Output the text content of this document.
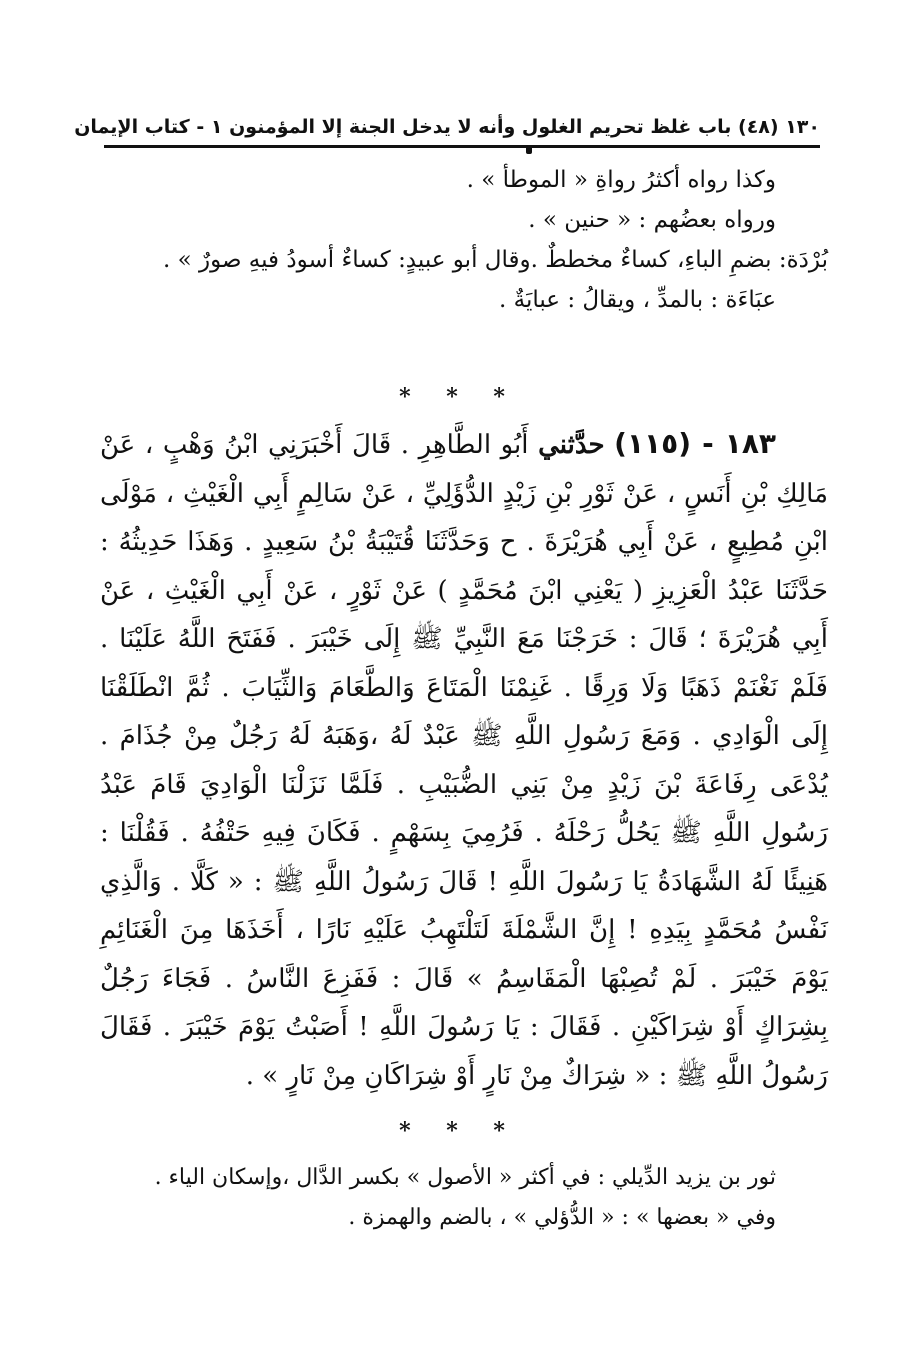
١٣٠ (٤٨) باب غلظ تحريم الغلول وأنه لا يدخل الجنة إلا المؤمنون ١ - كتاب الإيمان

وكذا رواه أكثرُ رواةِ « الموطأ » .

ورواه بعضُهم : « حنين » .

بُرْدَة: بضمِ الباءِ، كساءٌ مخططٌ .وقال أبو عبيدٍ: كساءٌ أسودُ فيهِ صورٌ » .

عبَاءَة : بالمدِّ ، ويقالُ : عبايَةٌ .

* * *

١٨٣ - (١١٥) حدَّثني أَبُو الطَّاهِرِ . قَالَ أَخْبَرَنِي ابْنُ وَهْبٍ ، عَنْ مَالِكِ بْنِ أَنَسٍ ، عَنْ ثَوْرِ بْنِ زَيْدٍ الدُّؤَلِيِّ ، عَنْ سَالِمٍ أَبِي الْغَيْثِ ، مَوْلَى ابْنِ مُطِيعٍ ، عَنْ أَبِي هُرَيْرَةَ . ح وَحَدَّثَنَا قُتَيْبَةُ بْنُ سَعِيدٍ . وَهَذَا حَدِيثُهُ : حَدَّثَنَا عَبْدُ الْعَزِيزِ ( يَعْنِي ابْنَ مُحَمَّدٍ ) عَنْ ثَوْرٍ ، عَنْ أَبِي الْغَيْثِ ، عَنْ أَبِي هُرَيْرَةَ ؛ قَالَ : خَرَجْنَا مَعَ النَّبِيِّ ﷺ إِلَى خَيْبَرَ . فَفَتَحَ اللَّهُ عَلَيْنَا . فَلَمْ نَغْنَمْ ذَهَبًا وَلَا وَرِقًا . غَنِمْنَا الْمَتَاعَ وَالطَّعَامَ وَالثِّيَابَ . ثُمَّ انْطَلَقْنَا إِلَى الْوَادِي . وَمَعَ رَسُولِ اللَّهِ ﷺ عَبْدٌ لَهُ ،وَهَبَهُ لَهُ رَجُلٌ مِنْ جُذَامَ . يُدْعَى رِفَاعَةَ بْنَ زَيْدٍ مِنْ بَنِي الضُّبَيْبِ . فَلَمَّا نَزَلْنَا الْوَادِيَ قَامَ عَبْدُ رَسُولِ اللَّهِ ﷺ يَحُلُّ رَحْلَهُ . فَرُمِيَ بِسَهْمٍ . فَكَانَ فِيهِ حَتْفُهُ . فَقُلْنَا : هَنِيئًا لَهُ الشَّهَادَةُ يَا رَسُولَ اللَّهِ ! قَالَ رَسُولُ اللَّهِ ﷺ : « كَلَّا . وَالَّذِي نَفْسُ مُحَمَّدٍ بِيَدِهِ ! إِنَّ الشَّمْلَةَ لَتَلْتَهِبُ عَلَيْهِ نَارًا ، أَخَذَهَا مِنَ الْغَنَائِمِ يَوْمَ خَيْبَرَ . لَمْ تُصِبْهَا الْمَقَاسِمُ » قَالَ : فَفَزِعَ النَّاسُ . فَجَاءَ رَجُلٌ بِشِرَاكٍ أَوْ شِرَاكَيْنِ . فَقَالَ : يَا رَسُولَ اللَّهِ ! أَصَبْتُ يَوْمَ خَيْبَرَ . فَقَالَ رَسُولُ اللَّهِ ﷺ : « شِرَاكٌ مِنْ نَارٍ أَوْ شِرَاكَانِ مِنْ نَارٍ » .

* * *

ثور بن يزيد الدِّيلي : في أكثر « الأصول » بكسر الدَّال ،وإسكان الياء .

وفي « بعضها » : « الدُّؤلي » ، بالضم والهمزة .
